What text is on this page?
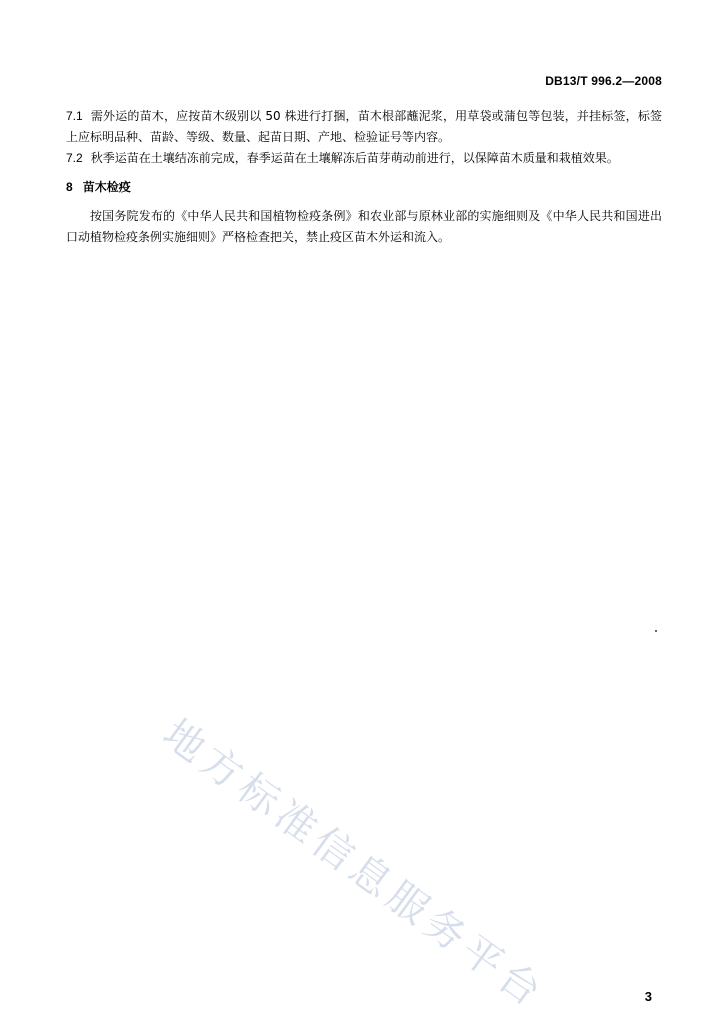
DB13/T 996.2—2008
7.1 需外运的苗木，应按苗木级别以 50 株进行打捆，苗木根部蘸泥浆，用草袋或蒲包等包装，并挂标签，标签上应标明品种、苗龄、等级、数量、起苗日期、产地、检验证号等内容。
7.2 秋季运苗在土壤结冻前完成，春季运苗在土壤解冻后苗芽萌动前进行，以保障苗木质量和栽植效果。
8 苗木检疫
按国务院发布的《中华人民共和国植物检疫条例》和农业部与原林业部的实施细则及《中华人民共和国进出口动植物检疫条例实施细则》严格检查把关，禁止疫区苗木外运和流入。
地方标准信息服务平台	3
